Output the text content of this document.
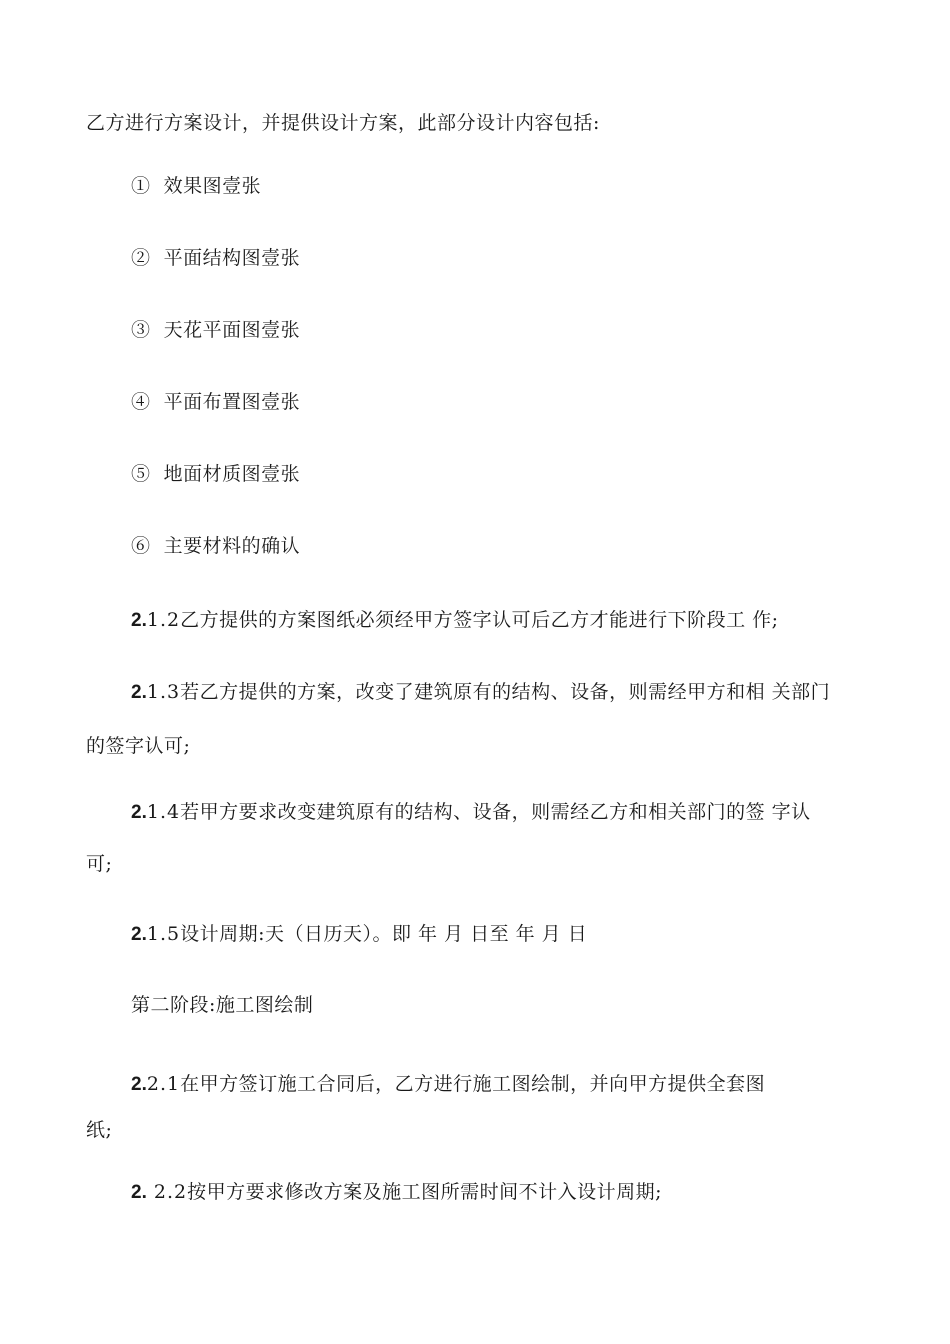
乙方进行方案设计，并提供设计方案，此部分设计内容包括:
① 效果图壹张
② 平面结构图壹张
③ 天花平面图壹张
④ 平面布置图壹张
⑤ 地面材质图壹张
⑥ 主要材料的确认
2.1.2乙方提供的方案图纸必须经甲方签字认可后乙方才能进行下阶段工 作;
2.1.3若乙方提供的方案，改变了建筑原有的结构、设备，则需经甲方和相 关部门
的签字认可;
2.1.4若甲方要求改变建筑原有的结构、设备，则需经乙方和相关部门的签 字认
可;
2.1.5设计周期:天（日历天）。即 年 月 日至 年 月 日
第二阶段:施工图绘制
2.2.1在甲方签订施工合同后，乙方进行施工图绘制，并向甲方提供全套图
纸;
2. 2.2按甲方要求修改方案及施工图所需时间不计入设计周期;
